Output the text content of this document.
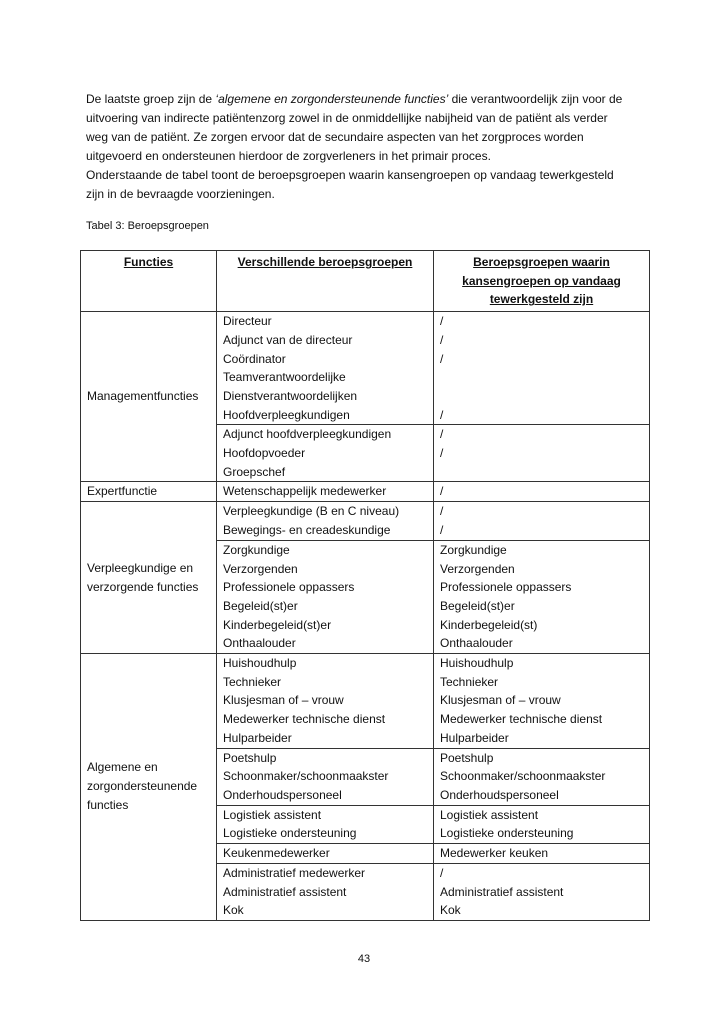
De laatste groep zijn de ‘algemene en zorgondersteunende functies’ die verantwoordelijk zijn voor de
uitvoering van indirecte patiëntenzorg zowel in de onmiddellijke nabijheid van de patiënt als verder
weg van de patiënt. Ze zorgen ervoor dat de secundaire aspecten van het zorgproces worden
uitgevoerd en ondersteunen hierdoor de zorgverleners in het primair proces.
Onderstaande de tabel toont de beroepsgroepen waarin kansengroepen op vandaag tewerkgesteld
zijn in de bevraagde voorzieningen.

Tabel 3: Beroepsgroepen

Functies	Verschillende beroepsgroepen	Beroepsgroepen waarin kansengroepen op vandaag tewerkgesteld zijn
Managementfuncties	Directeur	/
	Adjunct van de directeur	/
	Coördinator	/
	Teamverantwoordelijke	
	Dienstverantwoordelijken	
	Hoofdverpleegkundigen	/
	Adjunct hoofdverpleegkundigen	/
	Hoofdopvoeder	/
	Groepschef	
Expertfunctie	Wetenschappelijk medewerker	/
Verpleegkundige en verzorgende functies	Verpleegkundige (B en C niveau)	/
	Bewegings- en creadeskundige	/
	Zorgkundige	Zorgkundige
	Verzorgenden	Verzorgenden
	Professionele oppassers	Professionele oppassers
	Begeleid(st)er	Begeleid(st)er
	Kinderbegeleid(st)er	Kinderbegeleid(st)
	Onthaalouder	Onthaalouder
Algemene en zorgondersteunende functies	Huishoudhulp	Huishoudhulp
	Technieker	Technieker
	Klusjesman of – vrouw	Klusjesman of – vrouw
	Medewerker technische dienst	Medewerker technische dienst
	Hulparbeider	Hulparbeider
	Poetshulp	Poetshulp
	Schoonmaker/schoonmaakster	Schoonmaker/schoonmaakster
	Onderhoudspersoneel	Onderhoudspersoneel
	Logistiek assistent	Logistiek assistent
	Logistieke ondersteuning	Logistieke ondersteuning
	Keukenmedewerker	Medewerker keuken
	Administratief medewerker	/
	Administratief assistent	Administratief assistent
	Kok	Kok
43
